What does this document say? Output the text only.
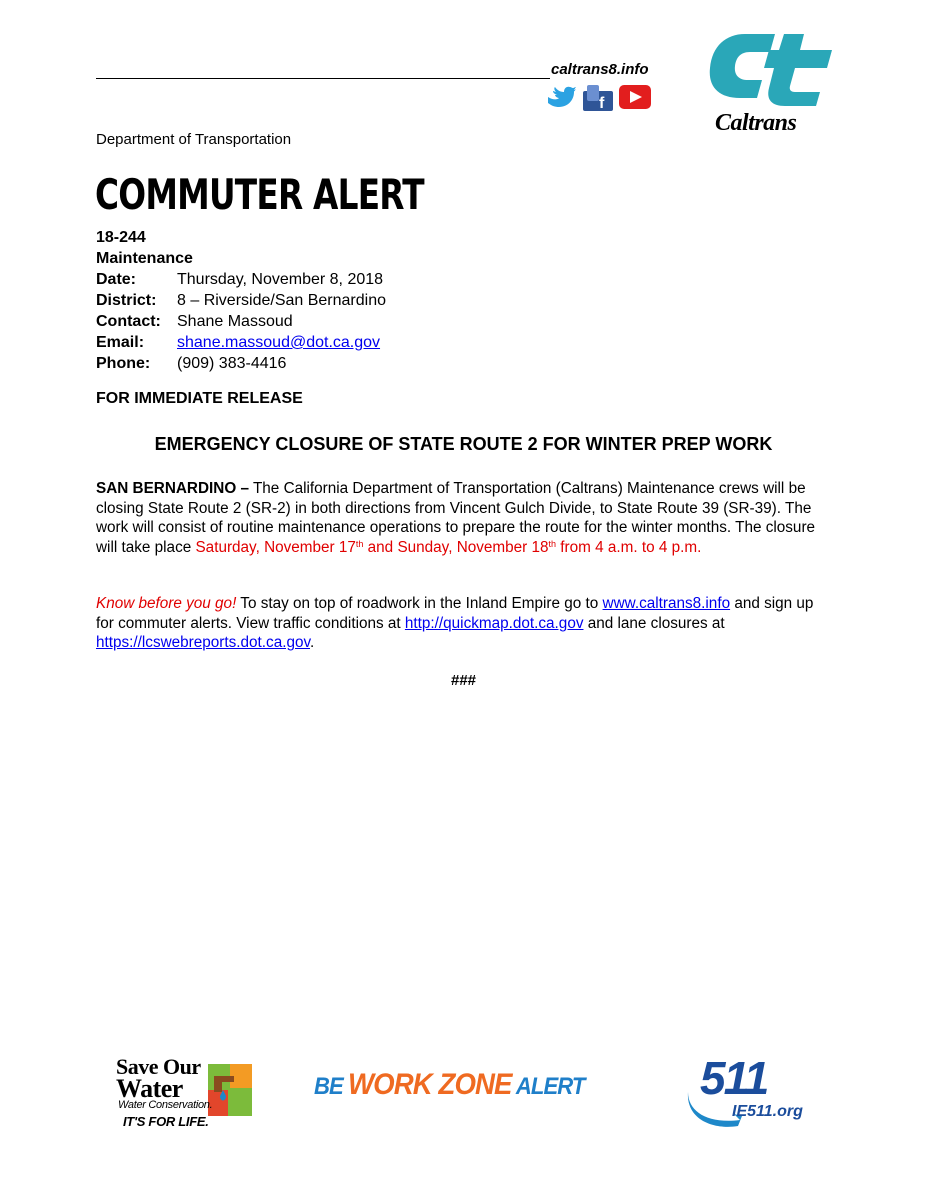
caltrans8.info
f
Caltrans
Department of Transportation
COMMUTER ALERT
18-244
Maintenance
Date:	Thursday, November 8, 2018
District:	8 – Riverside/San Bernardino
Contact:	Shane Massoud
Email:	shane.massoud@dot.ca.gov
Phone:	(909) 383-4416
FOR IMMEDIATE RELEASE
EMERGENCY CLOSURE OF STATE ROUTE 2 FOR WINTER PREP WORK
SAN BERNARDINO – The California Department of Transportation (Caltrans) Maintenance crews will be closing State Route 2 (SR-2) in both directions from Vincent Gulch Divide, to State Route 39 (SR-39). The work will consist of routine maintenance operations to prepare the route for the winter months. The closure will take place Saturday, November 17th and Sunday, November 18th from 4 a.m. to 4 p.m.
Know before you go! To stay on top of roadwork in the Inland Empire go to www.caltrans8.info and sign up for commuter alerts. View traffic conditions at http://quickmap.dot.ca.gov and lane closures at https://lcswebreports.dot.ca.gov.
###
Save Our
Water
Water Conservation.
IT'S FOR LIFE.
BE WORK ZONE ALERT	511
IE511.org
